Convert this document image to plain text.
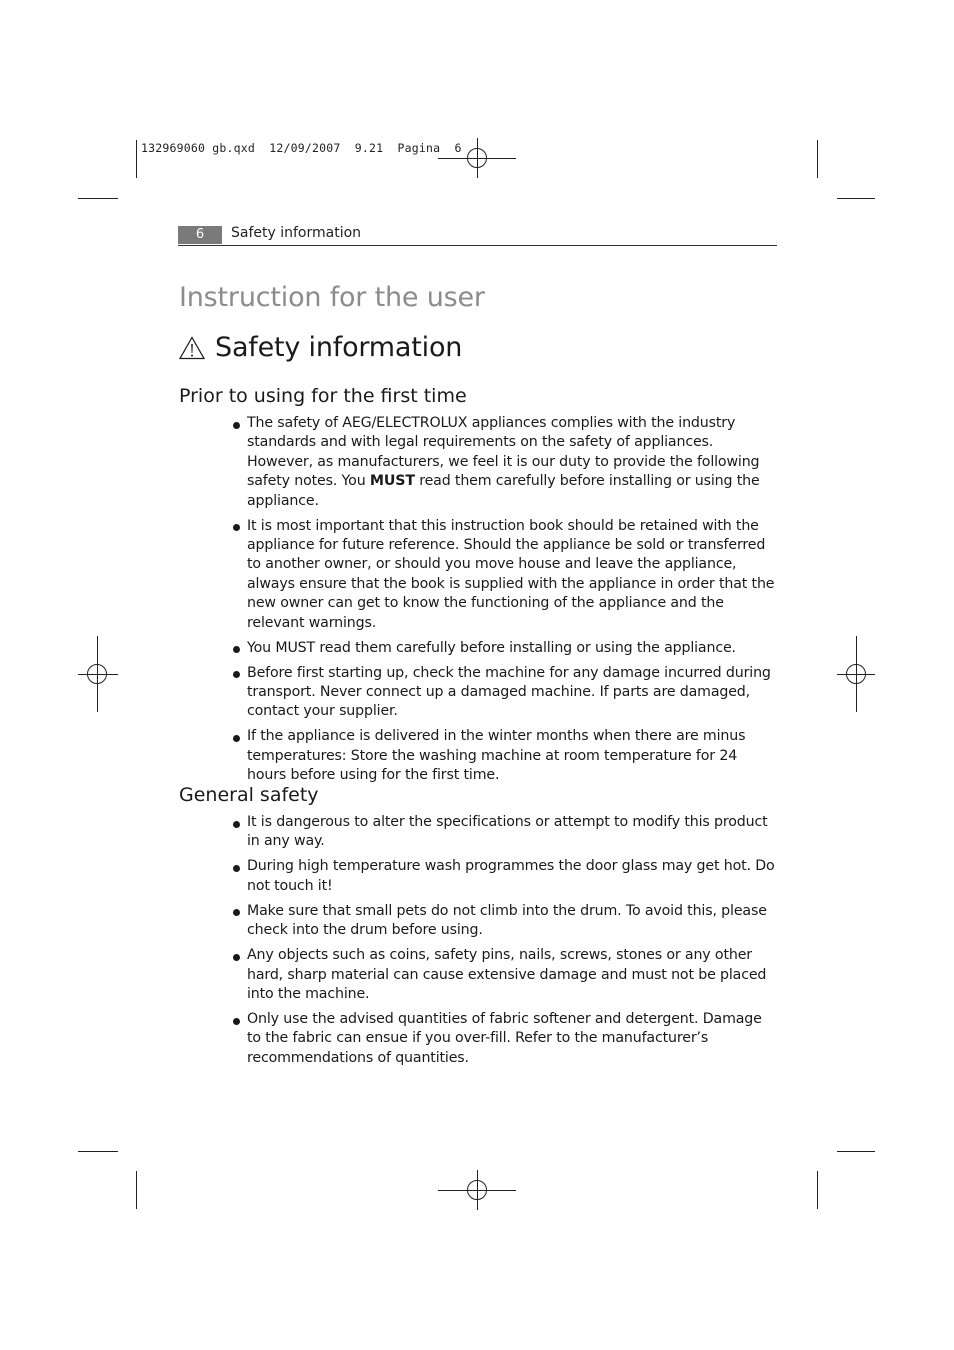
132969060 gb.qxd  12/09/2007  9.21  Pagina  6
6	Safety information
Instruction for the user
Safety information
Prior to using for the first time
The safety of AEG/ELECTROLUX appliances complies with the industry standards and with legal requirements on the safety of appliances. However, as manufacturers, we feel it is our duty to provide the following safety notes. You MUST read them carefully before installing or using the appliance.
It is most important that this instruction book should be retained with the appliance for future reference. Should the appliance be sold or transferred to another owner, or should you move house and leave the appliance, always ensure that the book is supplied with the appliance in order that the new owner can get to know the functioning of the appliance and the relevant warnings.
You MUST read them carefully before installing or using the appliance.
Before first starting up, check the machine for any damage incurred during transport. Never connect up a damaged machine. If parts are damaged, contact your supplier.
If the appliance is delivered in the winter months when there are minus temperatures: Store the washing machine at room temperature for 24 hours before using for the first time.
General safety
It is dangerous to alter the specifications or attempt to modify this product in any way.
During high temperature wash programmes the door glass may get hot. Do not touch it!
Make sure that small pets do not climb into the drum. To avoid this, please check into the drum before using.
Any objects such as coins, safety pins, nails, screws, stones or any other hard, sharp material can cause extensive damage and must not be placed into the machine.
Only use the advised quantities of fabric softener and detergent. Damage to the fabric can ensue if you over-fill. Refer to the manufacturer’s recommendations of quantities.
